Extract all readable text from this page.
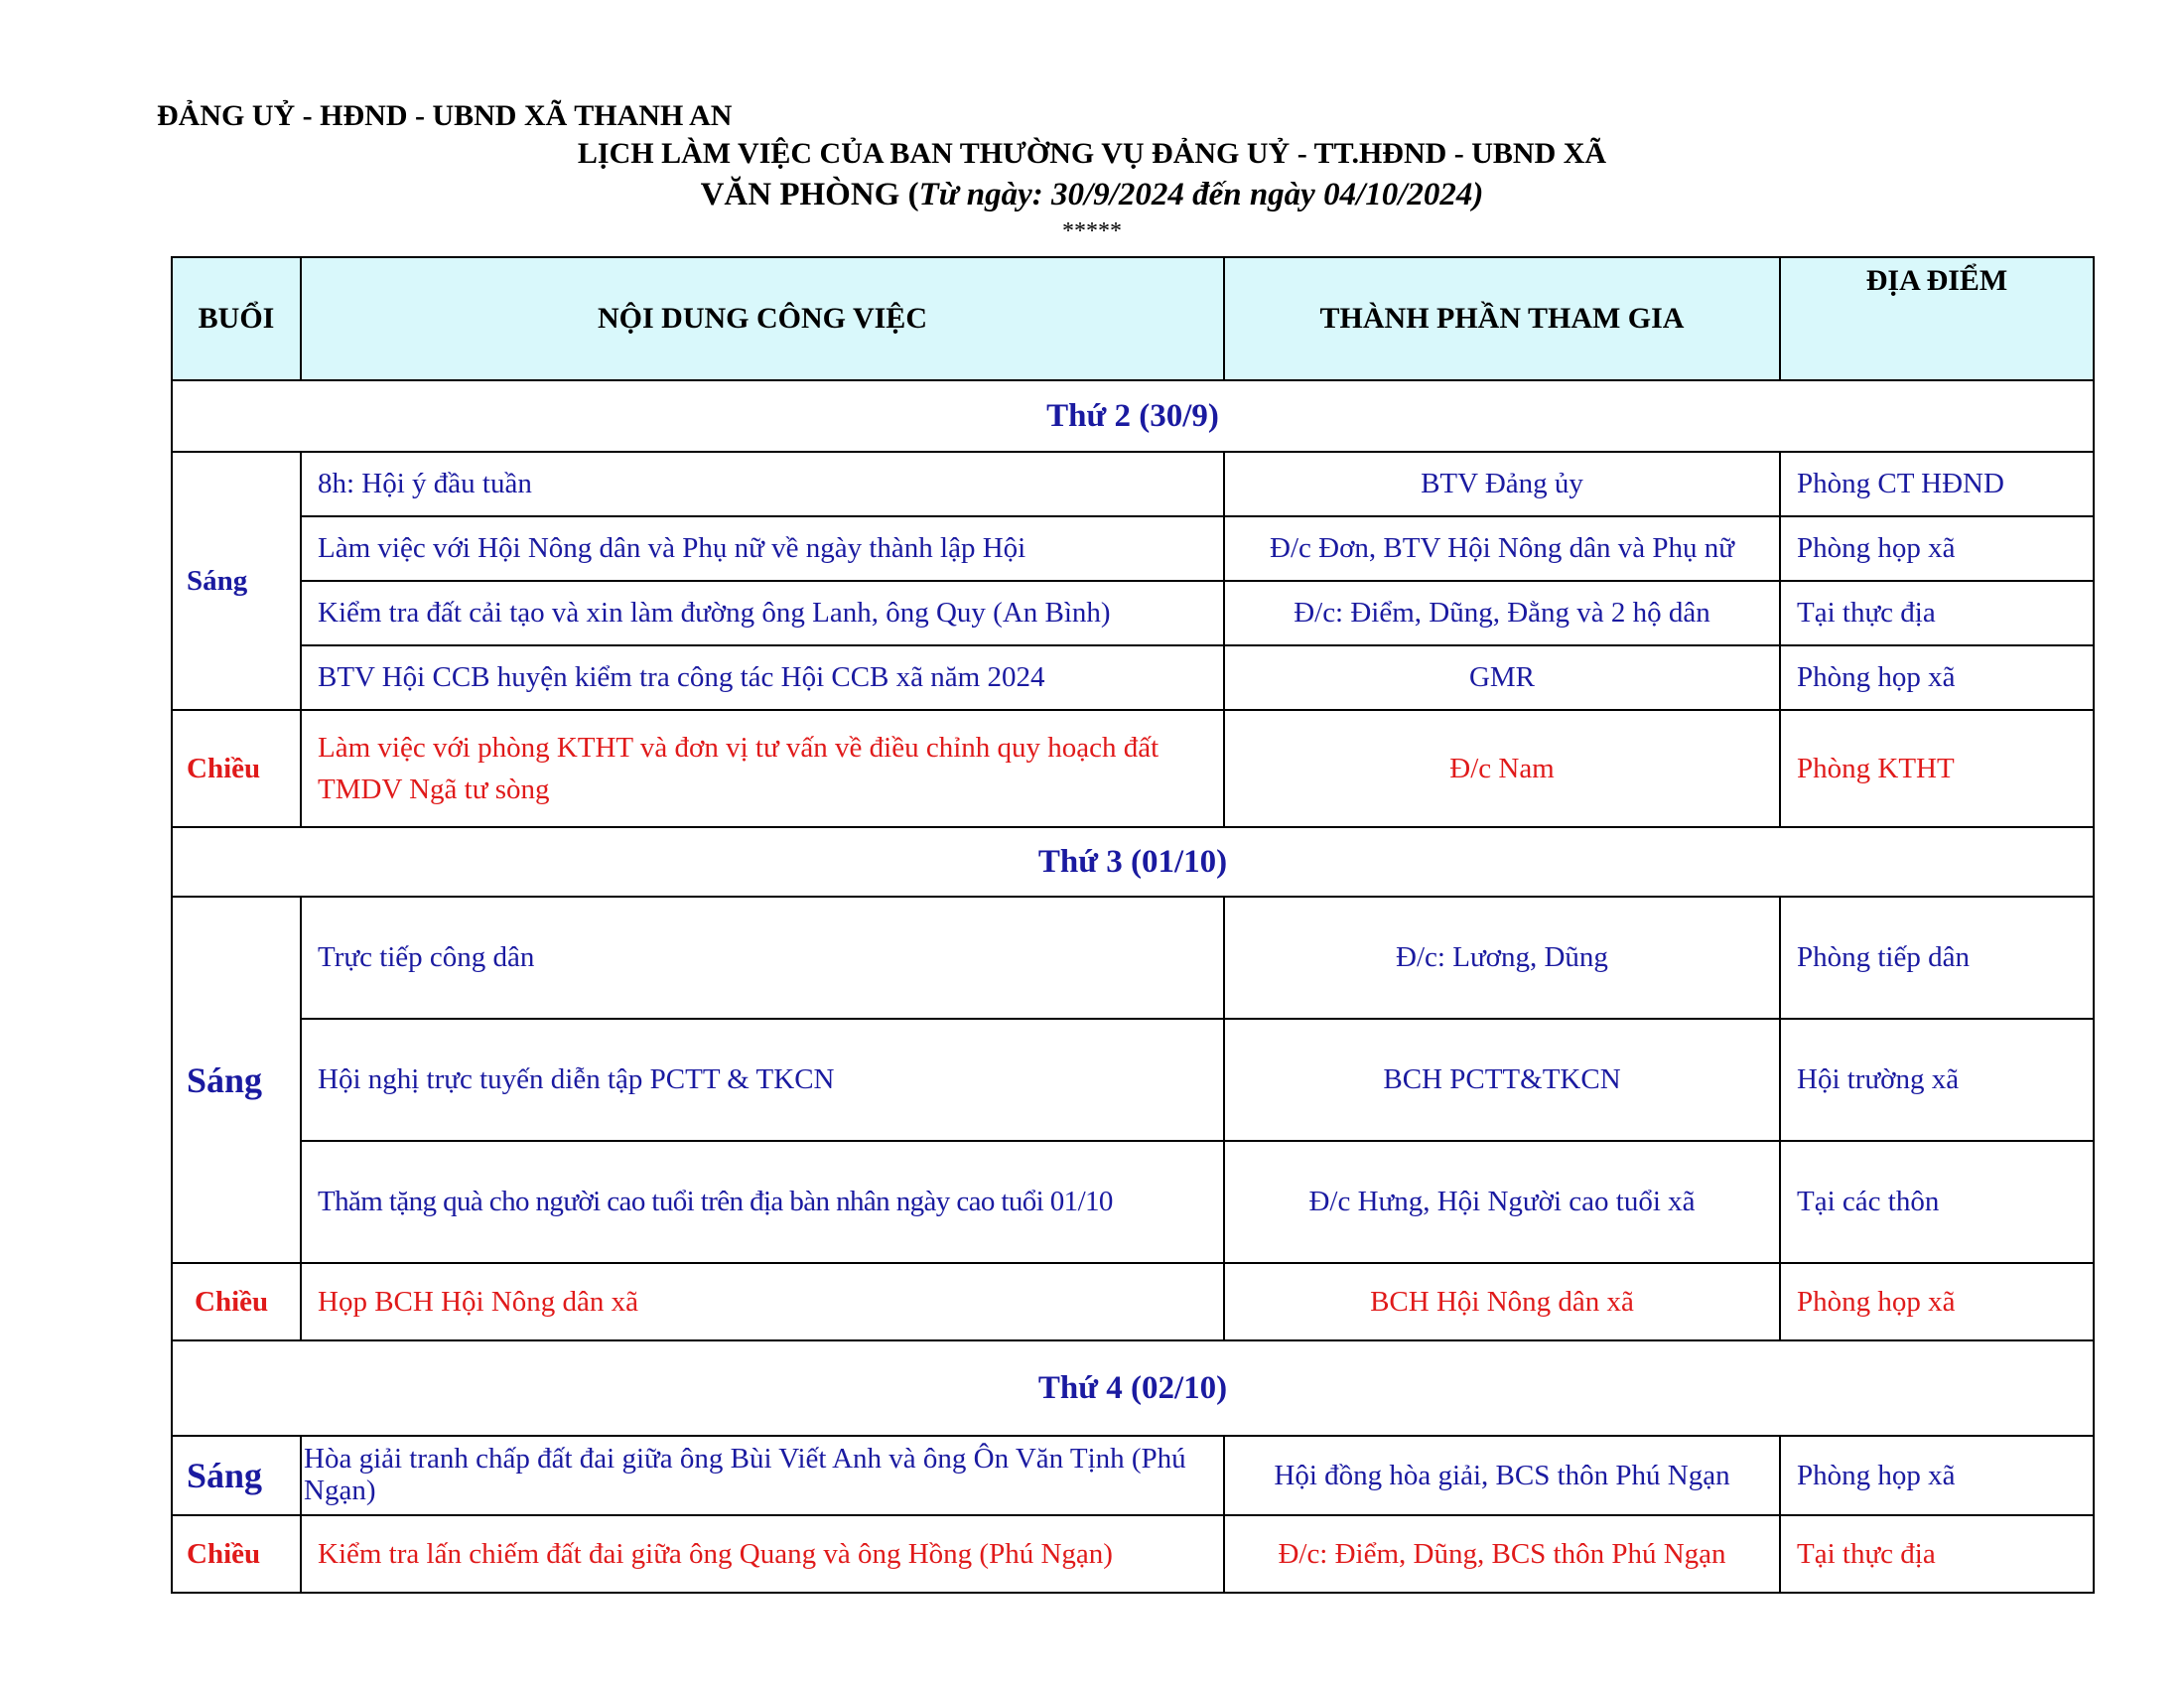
ĐẢNG UỶ - HĐND - UBND XÃ THANH AN
LỊCH LÀM VIỆC CỦA BAN THƯỜNG VỤ ĐẢNG UỶ - TT.HĐND - UBND XÃ
VĂN PHÒNG (Từ ngày: 30/9/2024 đến ngày 04/10/2024)
*****
BUỔI	NỘI DUNG CÔNG VIỆC	THÀNH PHẦN THAM GIA	ĐỊA ĐIỂM
Thứ 2 (30/9)			
Sáng	8h: Hội ý đầu tuần	BTV Đảng ủy	Phòng CT HĐND
	Làm việc với Hội Nông dân và Phụ nữ về ngày thành lập Hội	Đ/c Đơn, BTV Hội Nông dân và Phụ nữ	Phòng họp xã
	Kiểm tra đất cải tạo và xin làm đường ông Lanh, ông Quy (An Bình)	Đ/c: Điểm, Dũng, Đằng và 2 hộ dân	Tại thực địa
	BTV Hội CCB huyện kiểm tra công tác Hội CCB xã năm 2024	GMR	Phòng họp xã
Chiều	Làm việc với phòng KTHT và đơn vị tư vấn về điều chỉnh quy hoạch đất TMDV Ngã tư sòng	Đ/c Nam	Phòng KTHT
Thứ 3 (01/10)			
Sáng	Trực tiếp công dân	Đ/c: Lương, Dũng	Phòng tiếp dân
	Hội nghị trực tuyến diễn tập PCTT & TKCN	BCH PCTT&TKCN	Hội trường xã
	Thăm tặng quà cho người cao tuổi trên địa bàn nhân ngày cao tuổi 01/10	Đ/c Hưng, Hội Người cao tuổi xã	Tại các thôn
Chiều	Họp BCH Hội Nông dân xã	BCH Hội Nông dân xã	Phòng họp xã
Thứ 4 (02/10)			
Sáng	Hòa giải tranh chấp đất đai giữa ông Bùi Viết Anh và ông Ôn Văn Tịnh (Phú Ngạn)	Hội đồng hòa giải, BCS thôn Phú Ngạn	Phòng họp xã
Chiều	Kiểm tra lấn chiếm đất đai giữa ông Quang và ông Hồng (Phú Ngạn)	Đ/c: Điểm, Dũng, BCS thôn Phú Ngạn	Tại thực địa
